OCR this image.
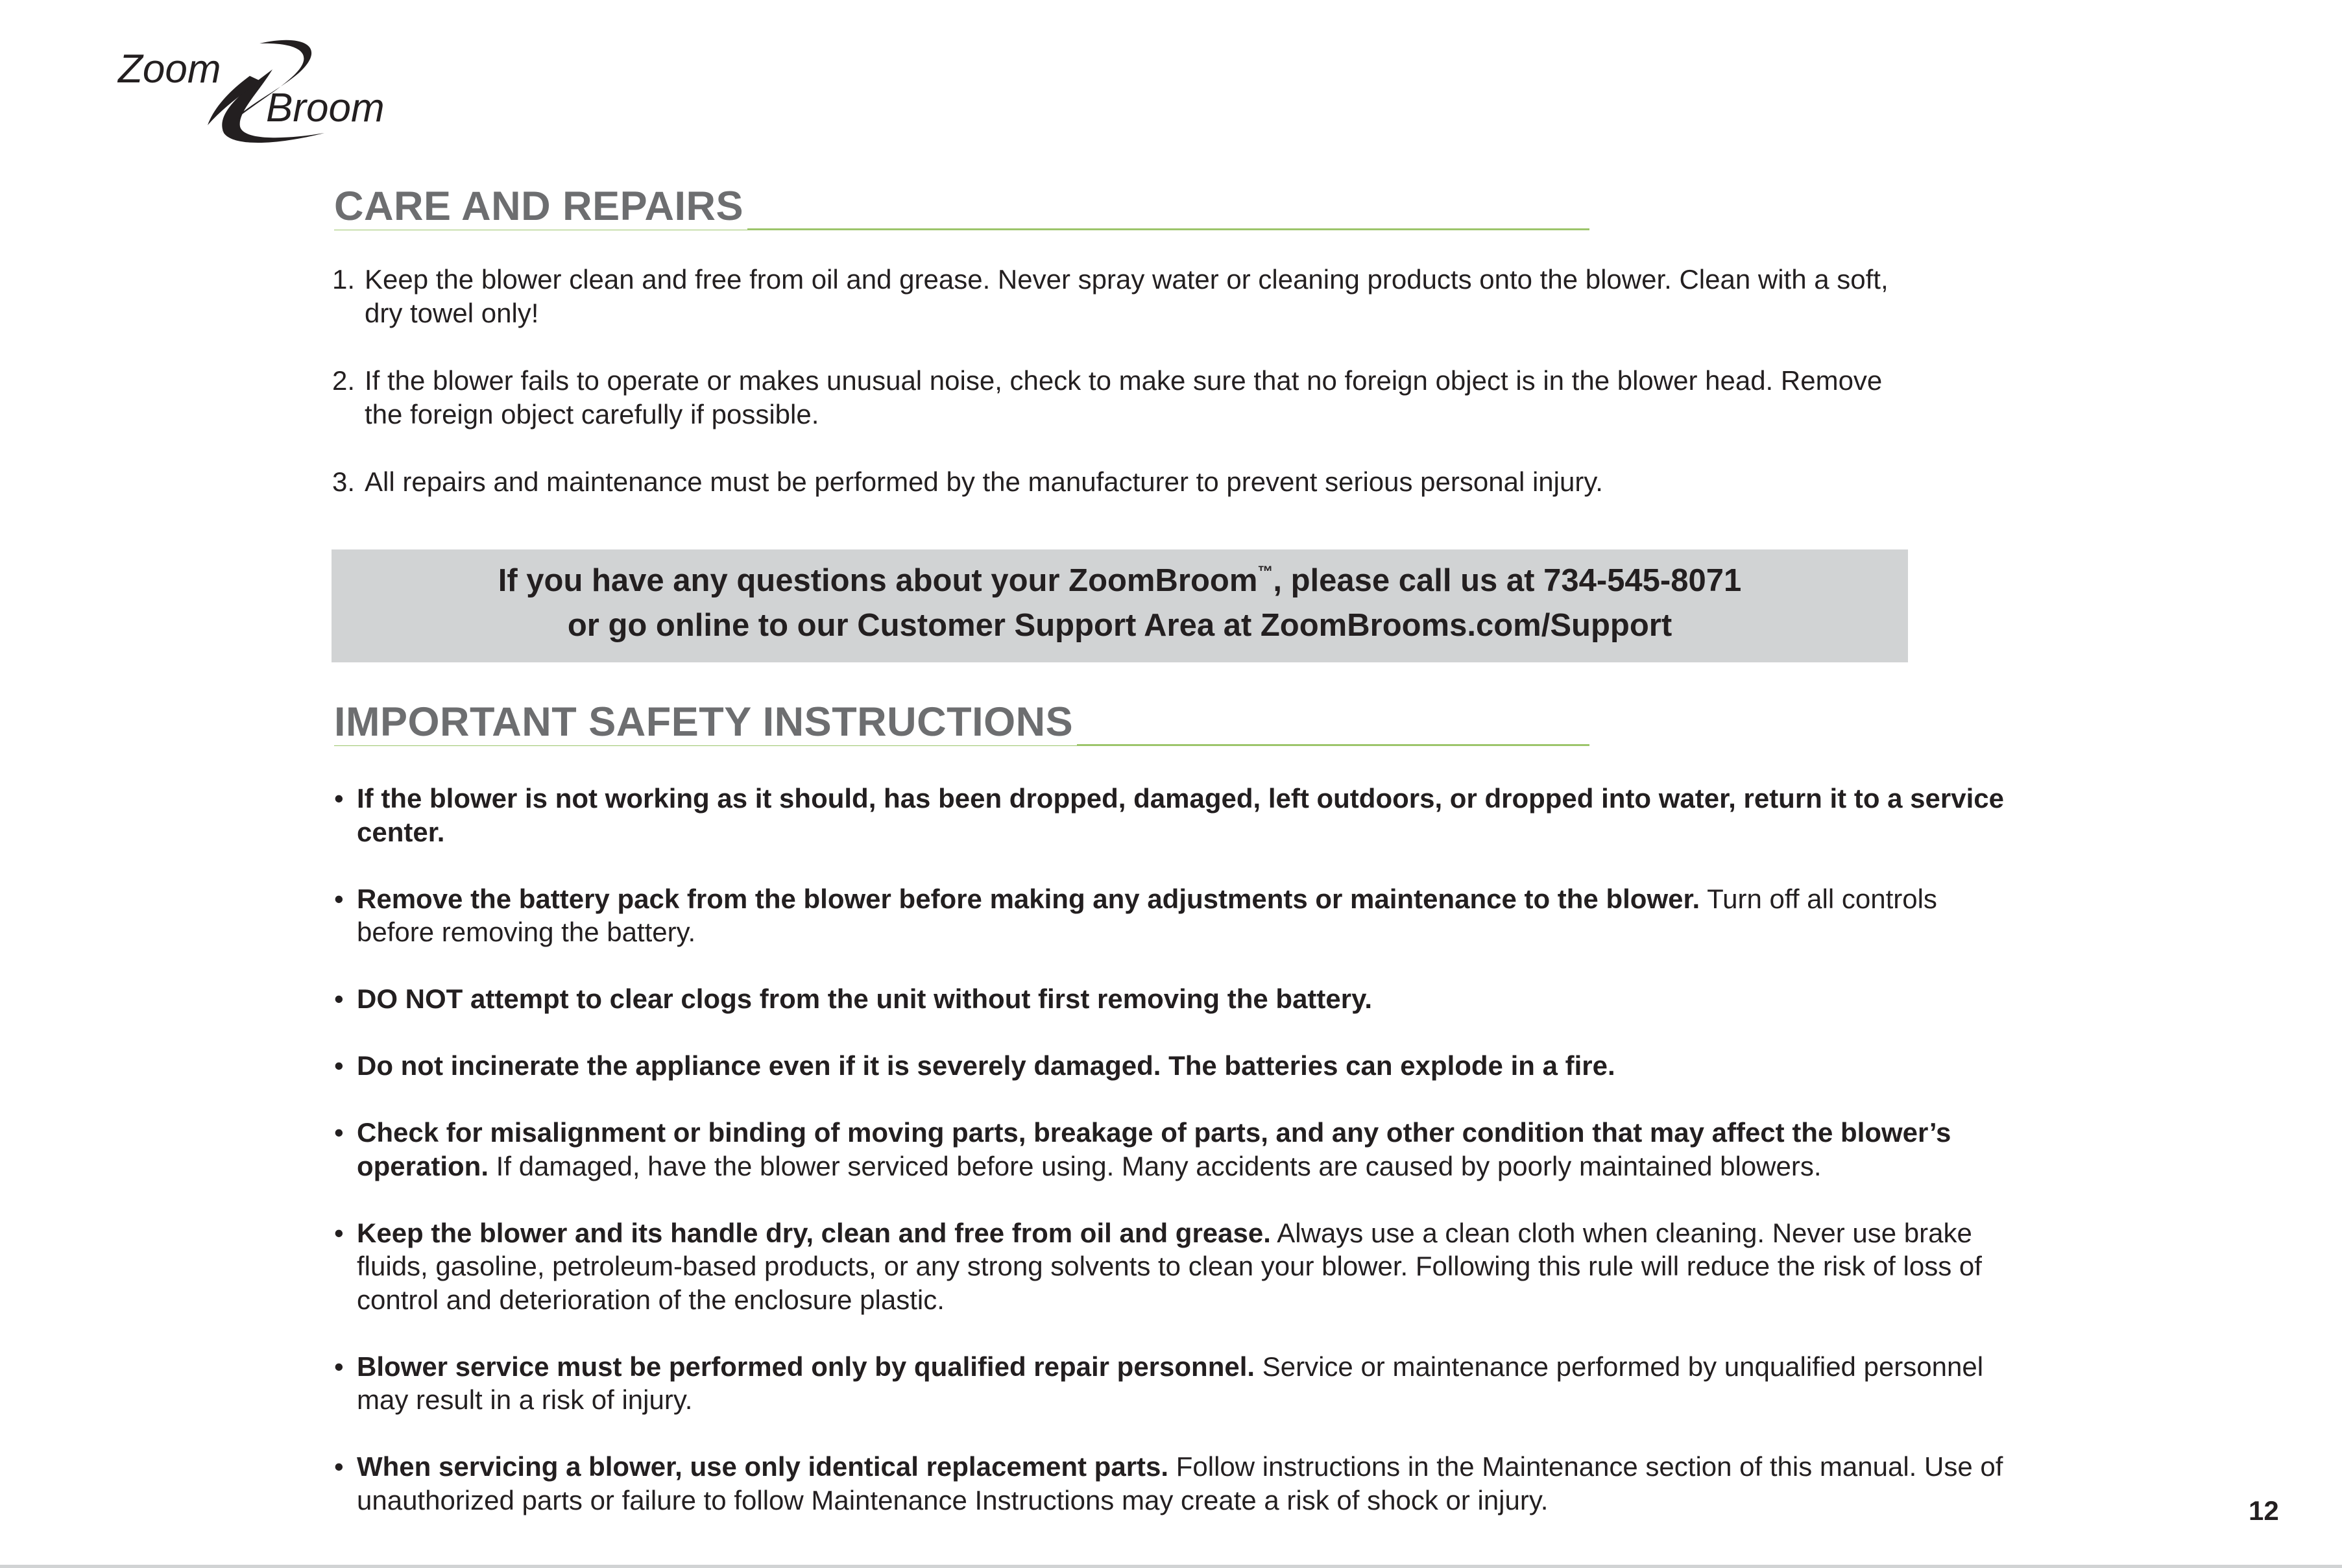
Zoom
Broom
CARE AND REPAIRS
1. Keep the blower clean and free from oil and grease. Never spray water or cleaning products onto the blower. Clean with a soft, dry towel only!
2. If the blower fails to operate or makes unusual noise, check to make sure that no foreign object is in the blower head. Remove the foreign object carefully if possible.
3. All repairs and maintenance must be performed by the manufacturer to prevent serious personal injury.
If you have any questions about your ZoomBroom™, please call us at 734-545-8071
or go online to our Customer Support Area at ZoomBrooms.com/Support
IMPORTANT SAFETY INSTRUCTIONS
• If the blower is not working as it should, has been dropped, damaged, left outdoors, or dropped into water, return it to a service center.
• Remove the battery pack from the blower before making any adjustments or maintenance to the blower. Turn off all controls before removing the battery.
• DO NOT attempt to clear clogs from the unit without first removing the battery.
• Do not incinerate the appliance even if it is severely damaged. The batteries can explode in a fire.
• Check for misalignment or binding of moving parts, breakage of parts, and any other condition that may affect the blower’s operation. If damaged, have the blower serviced before using. Many accidents are caused by poorly maintained blowers.
• Keep the blower and its handle dry, clean and free from oil and grease. Always use a clean cloth when cleaning. Never use brake fluids, gasoline, petroleum-based products, or any strong solvents to clean your blower. Following this rule will reduce the risk of loss of control and deterioration of the enclosure plastic.
• Blower service must be performed only by qualified repair personnel. Service or maintenance performed by unqualified personnel may result in a risk of injury.
• When servicing a blower, use only identical replacement parts. Follow instructions in the Maintenance section of this manual. Use of unauthorized parts or failure to follow Maintenance Instructions may create a risk of shock or injury.	12
